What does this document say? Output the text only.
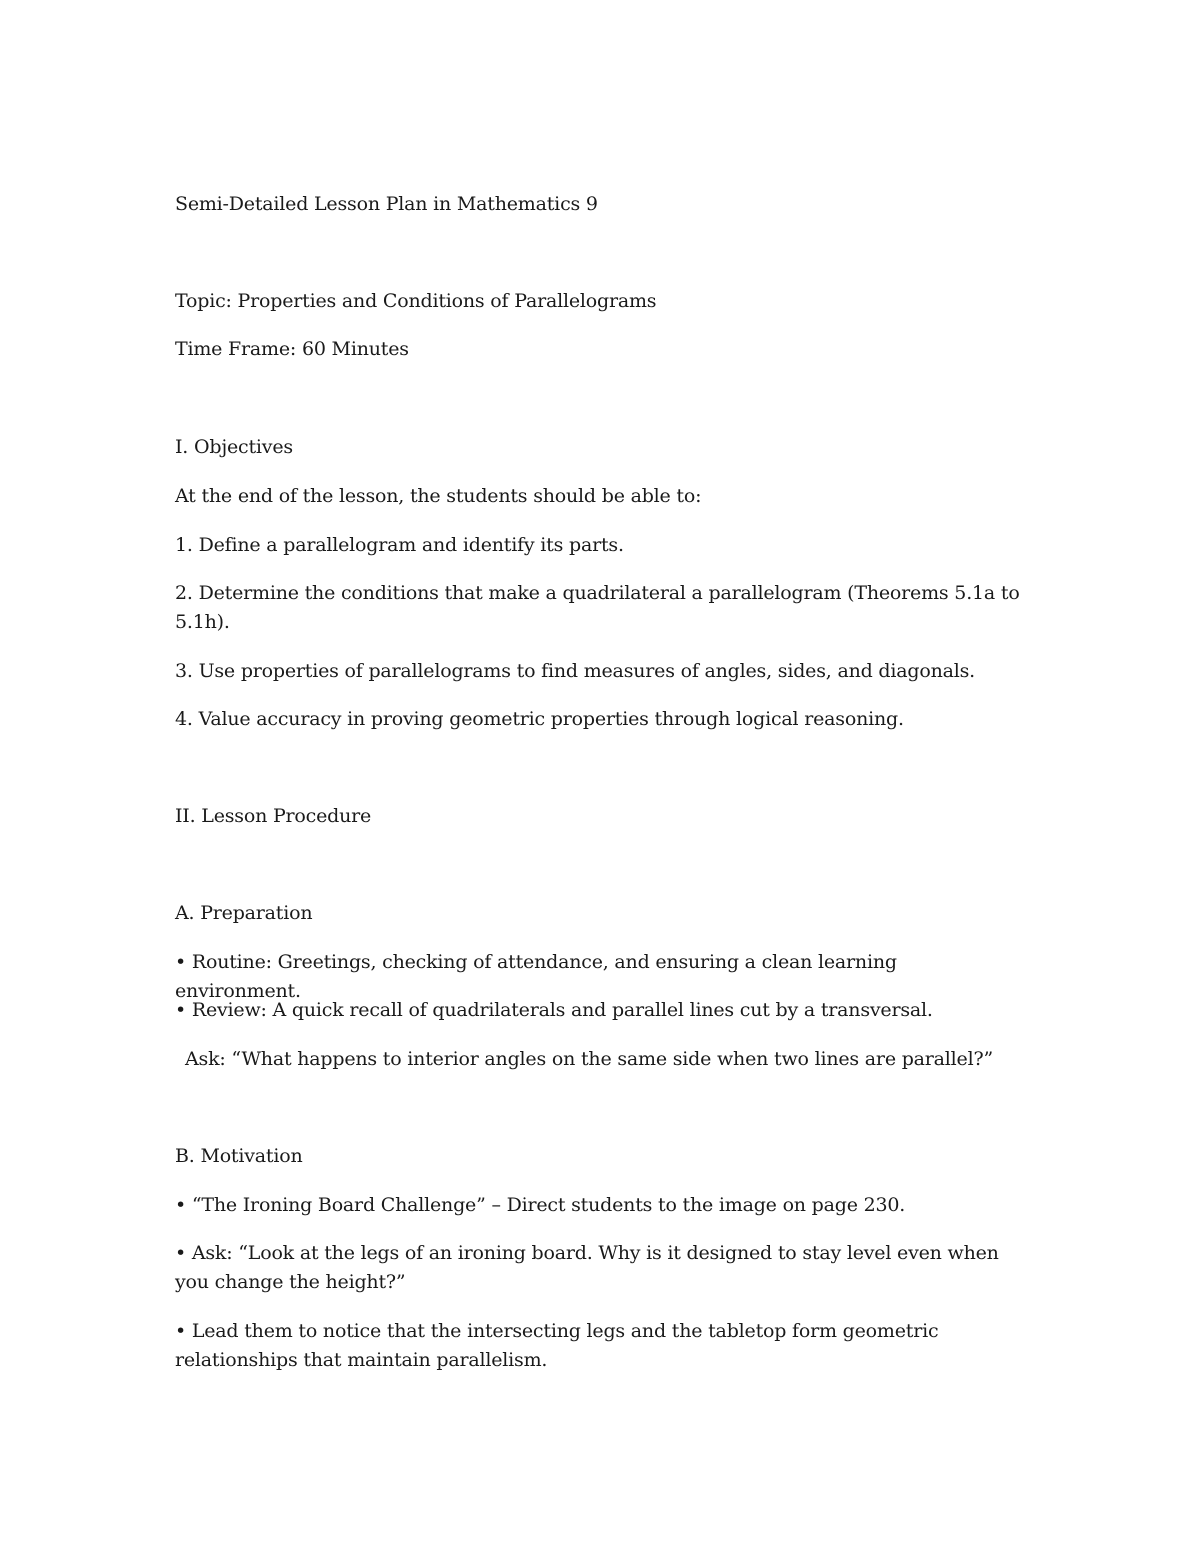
Semi-Detailed Lesson Plan in Mathematics 9
Topic: Properties and Conditions of Parallelograms
Time Frame: 60 Minutes
I. Objectives
At the end of the lesson, the students should be able to:
1. Define a parallelogram and identify its parts.
2. Determine the conditions that make a quadrilateral a parallelogram (Theorems 5.1a to 5.1h).
3. Use properties of parallelograms to find measures of angles, sides, and diagonals.
4. Value accuracy in proving geometric properties through logical reasoning.
II. Lesson Procedure
A. Preparation
• Routine: Greetings, checking of attendance, and ensuring a clean learning environment.
• Review: A quick recall of quadrilaterals and parallel lines cut by a transversal.
Ask: “What happens to interior angles on the same side when two lines are parallel?”
B. Motivation
• “The Ironing Board Challenge” – Direct students to the image on page 230.
• Ask: “Look at the legs of an ironing board. Why is it designed to stay level even when you change the height?”
• Lead them to notice that the intersecting legs and the tabletop form geometric relationships that maintain parallelism.
